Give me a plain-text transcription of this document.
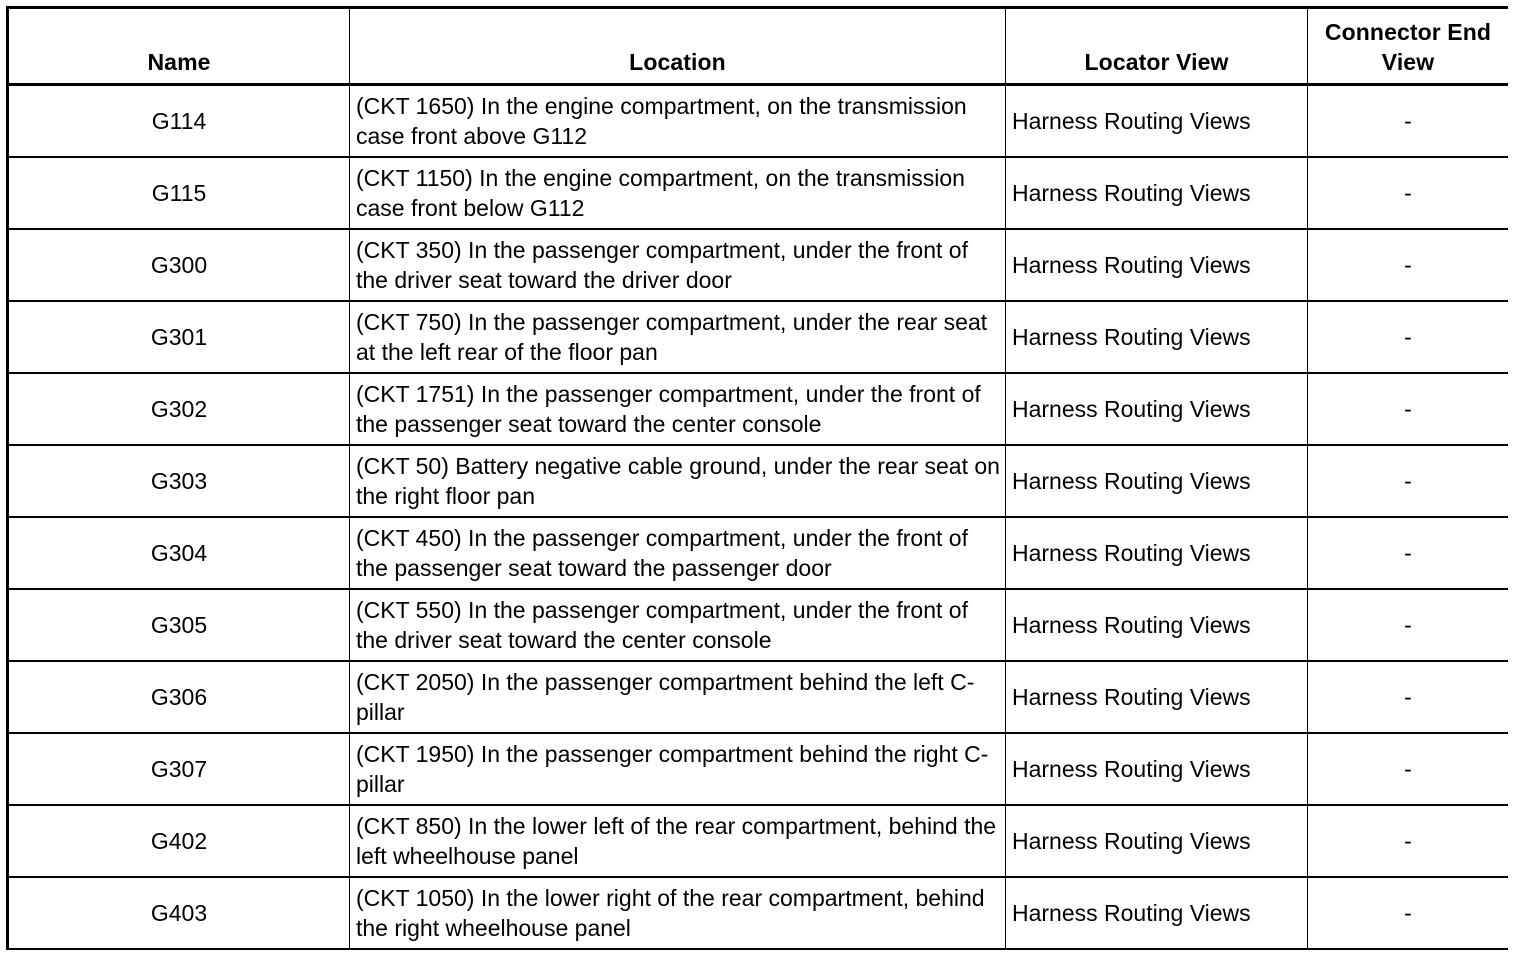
Name	Location	Locator View	Connector End View
G114	(CKT 1650) In the engine compartment, on the transmission case front above G112	Harness Routing Views	-
G115	(CKT 1150) In the engine compartment, on the transmission case front below G112	Harness Routing Views	-
G300	(CKT 350) In the passenger compartment, under the front of the driver seat toward the driver door	Harness Routing Views	-
G301	(CKT 750) In the passenger compartment, under the rear seat at the left rear of the floor pan	Harness Routing Views	-
G302	(CKT 1751) In the passenger compartment, under the front of the passenger seat toward the center console	Harness Routing Views	-
G303	(CKT 50) Battery negative cable ground, under the rear seat on the right floor pan	Harness Routing Views	-
G304	(CKT 450) In the passenger compartment, under the front of the passenger seat toward the passenger door	Harness Routing Views	-
G305	(CKT 550) In the passenger compartment, under the front of the driver seat toward the center console	Harness Routing Views	-
G306	(CKT 2050) In the passenger compartment behind the left C-pillar	Harness Routing Views	-
G307	(CKT 1950) In the passenger compartment behind the right C-pillar	Harness Routing Views	-
G402	(CKT 850) In the lower left of the rear compartment, behind the left wheelhouse panel	Harness Routing Views	-
G403	(CKT 1050) In the lower right of the rear compartment, behind the right wheelhouse panel	Harness Routing Views	-
